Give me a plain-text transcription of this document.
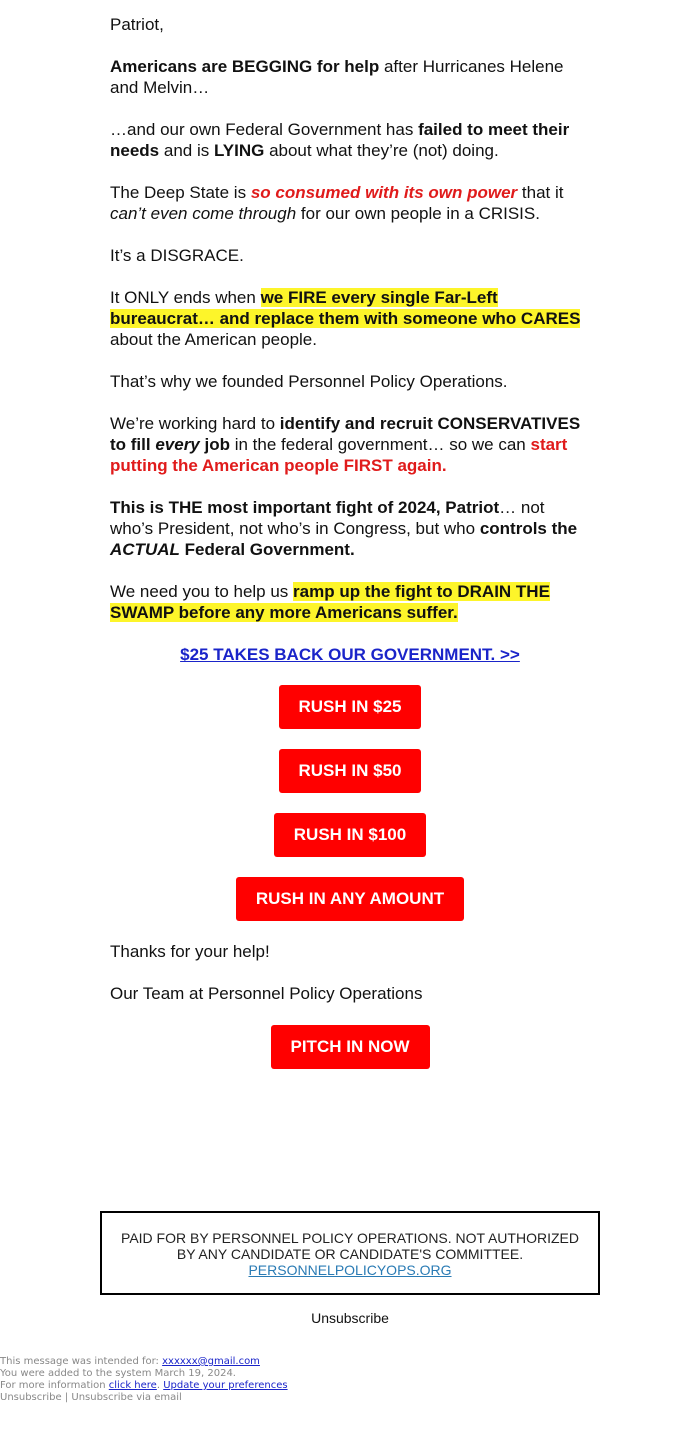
Patriot,

Americans are BEGGING for help after Hurricanes Helene and Melvin…

…and our own Federal Government has failed to meet their needs and is LYING about what they’re (not) doing.

The Deep State is so consumed with its own power that it can’t even come through for our own people in a CRISIS.

It’s a DISGRACE.

It ONLY ends when we FIRE every single Far-Left bureaucrat… and replace them with someone who CARES about the American people.

That’s why we founded Personnel Policy Operations.

We’re working hard to identify and recruit CONSERVATIVES to fill every job in the federal government… so we can start putting the American people FIRST again.

This is THE most important fight of 2024, Patriot… not who’s President, not who’s in Congress, but who controls the ACTUAL Federal Government.

We need you to help us ramp up the fight to DRAIN THE SWAMP before any more Americans suffer.

$25 TAKES BACK OUR GOVERNMENT. >>
RUSH IN $25
RUSH IN $50
RUSH IN $100
RUSH IN ANY AMOUNT

Thanks for your help!

Our Team at Personnel Policy Operations

PITCH IN NOW
PAID FOR BY PERSONNEL POLICY OPERATIONS. NOT AUTHORIZED BY ANY CANDIDATE OR CANDIDATE'S COMMITTEE.
PERSONNELPOLICYOPS.ORG
Unsubscribe
This message was intended for: xxxxxx@gmail.com
You were added to the system March 19, 2024.
For more information click here. Update your preferences
Unsubscribe | Unsubscribe via email
